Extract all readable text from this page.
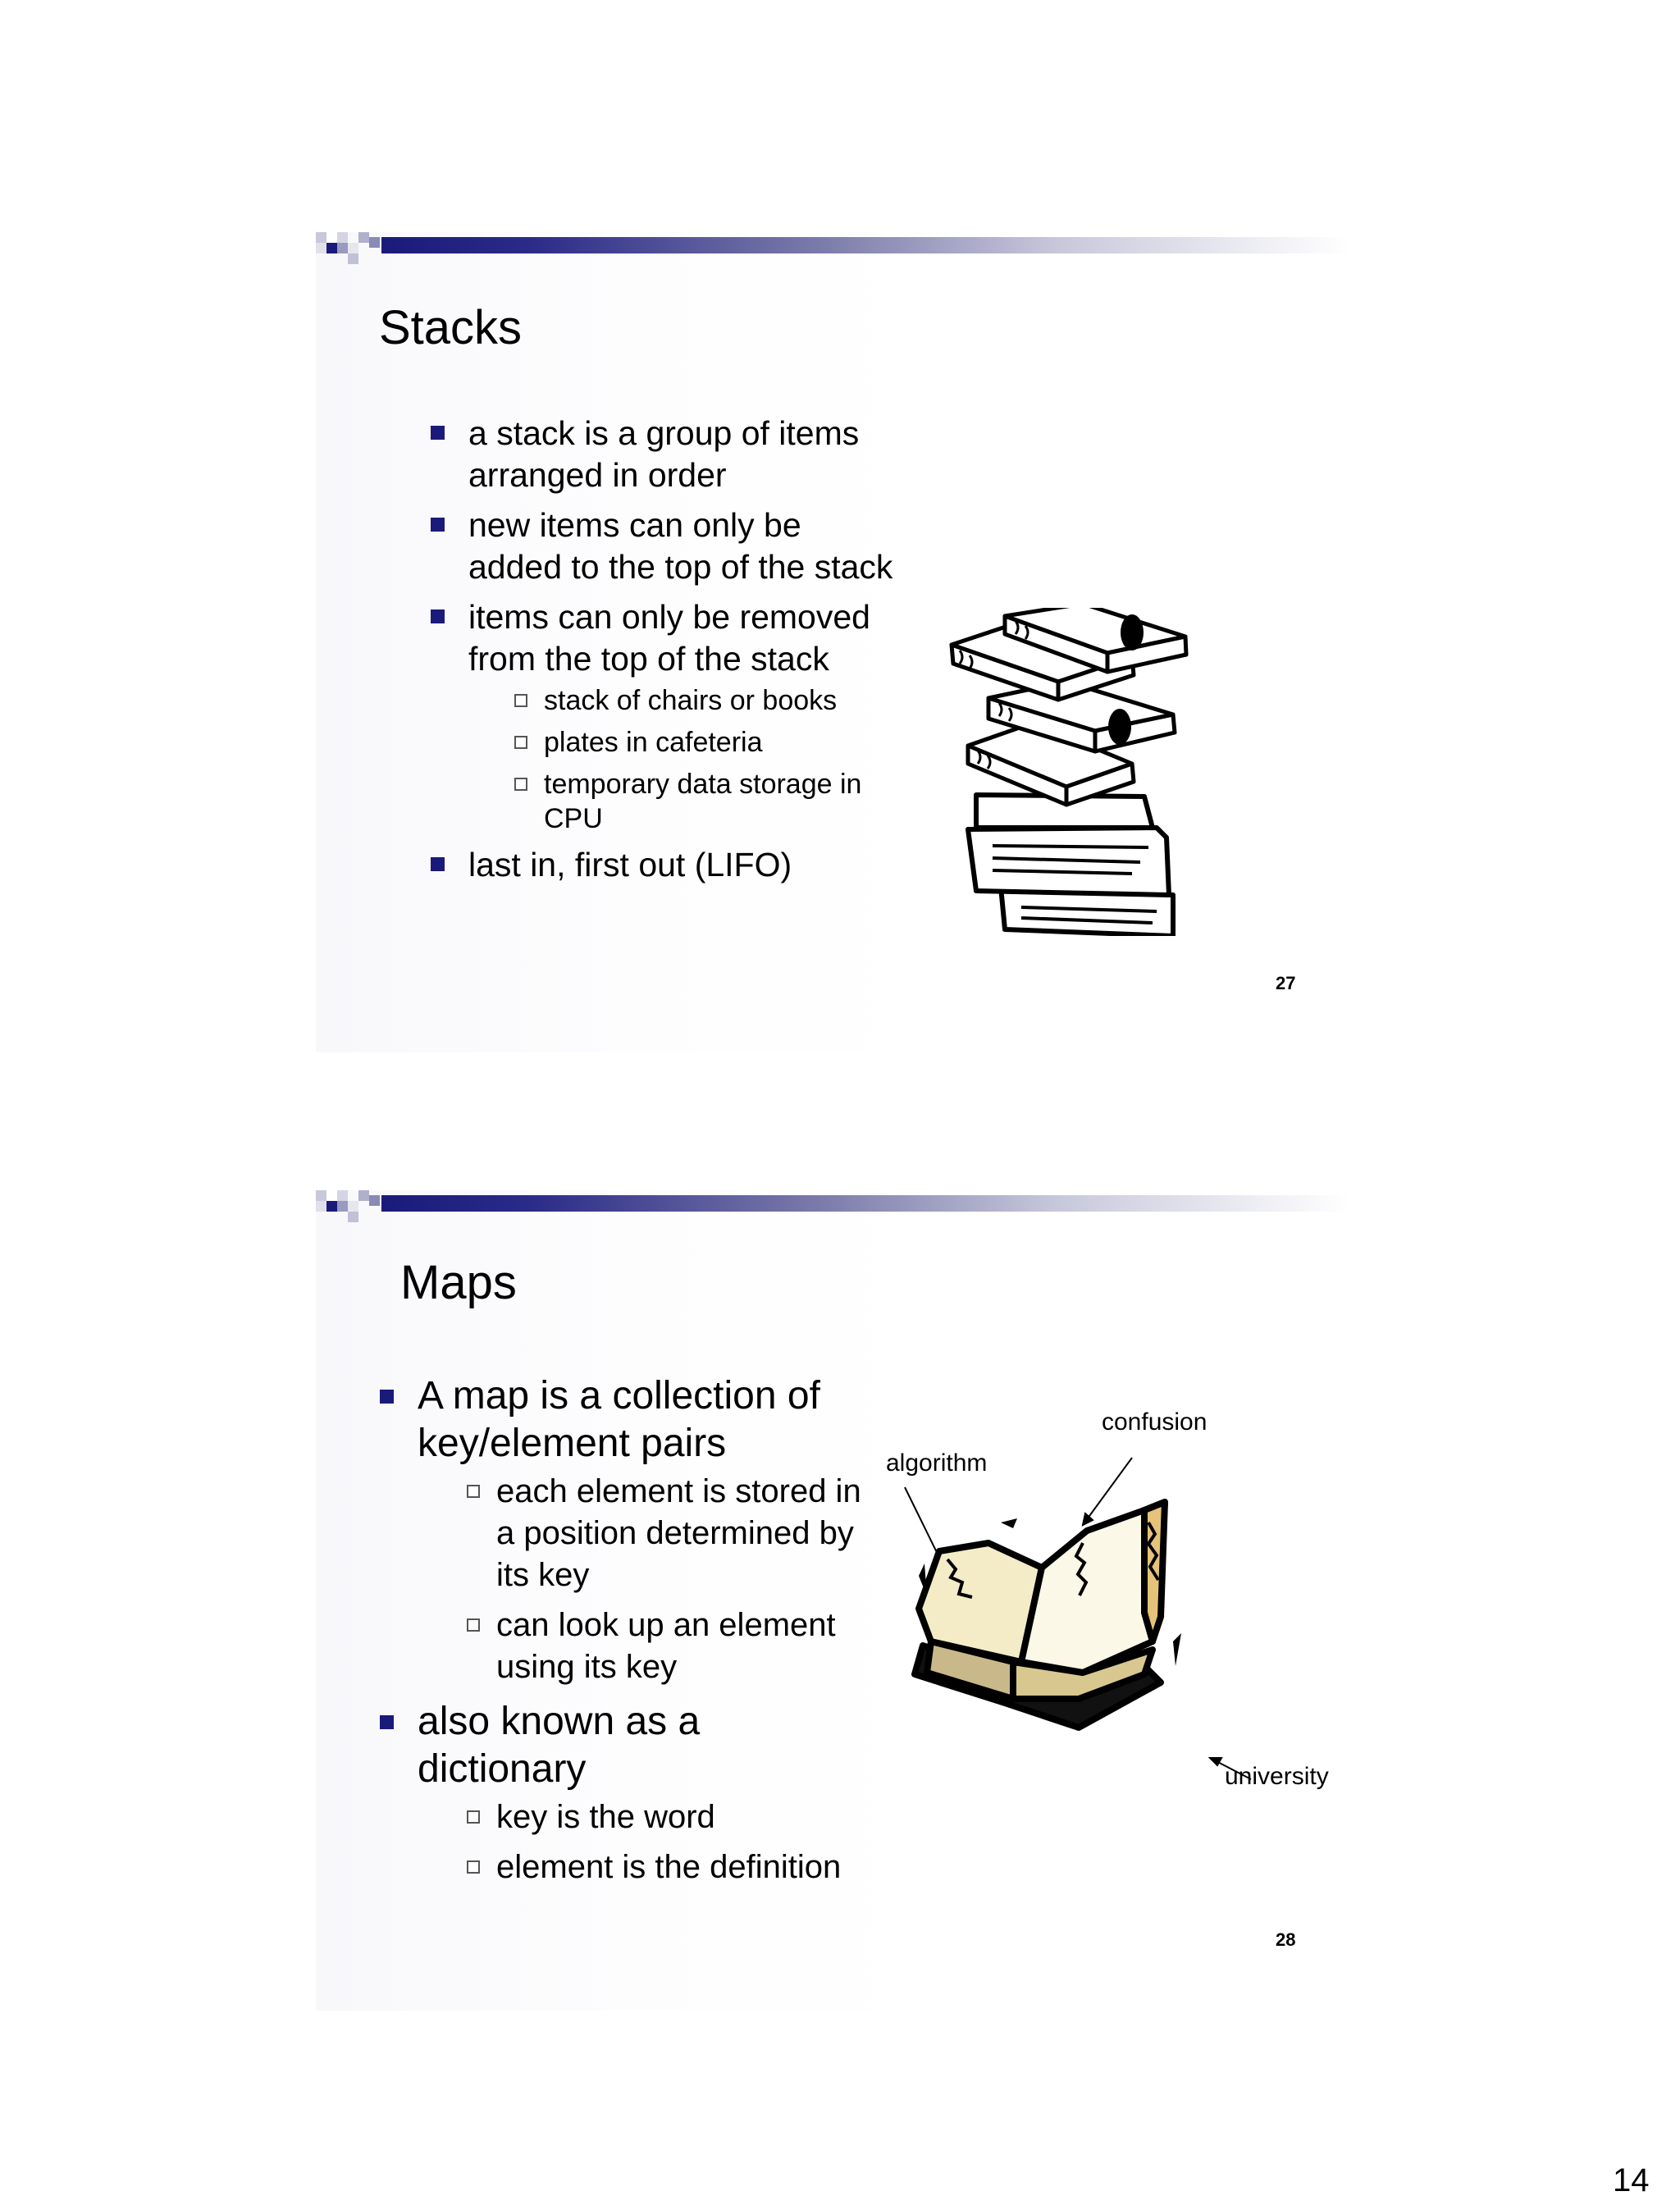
Stacks
a stack is a group of items
arranged in order
new items can only be
added to the top of the stack
items can only be removed
from the top of the stack
stack of chairs or books
plates in cafeteria
temporary data storage in
CPU
last in, first out (LIFO)
27
Maps
A map is a collection of
key/element pairs
each element is stored in
a position determined by
its key
can look up an element
using its key
also known as a
dictionary
key is the word
element is the definition
algorithm
confusion
university
28
14
